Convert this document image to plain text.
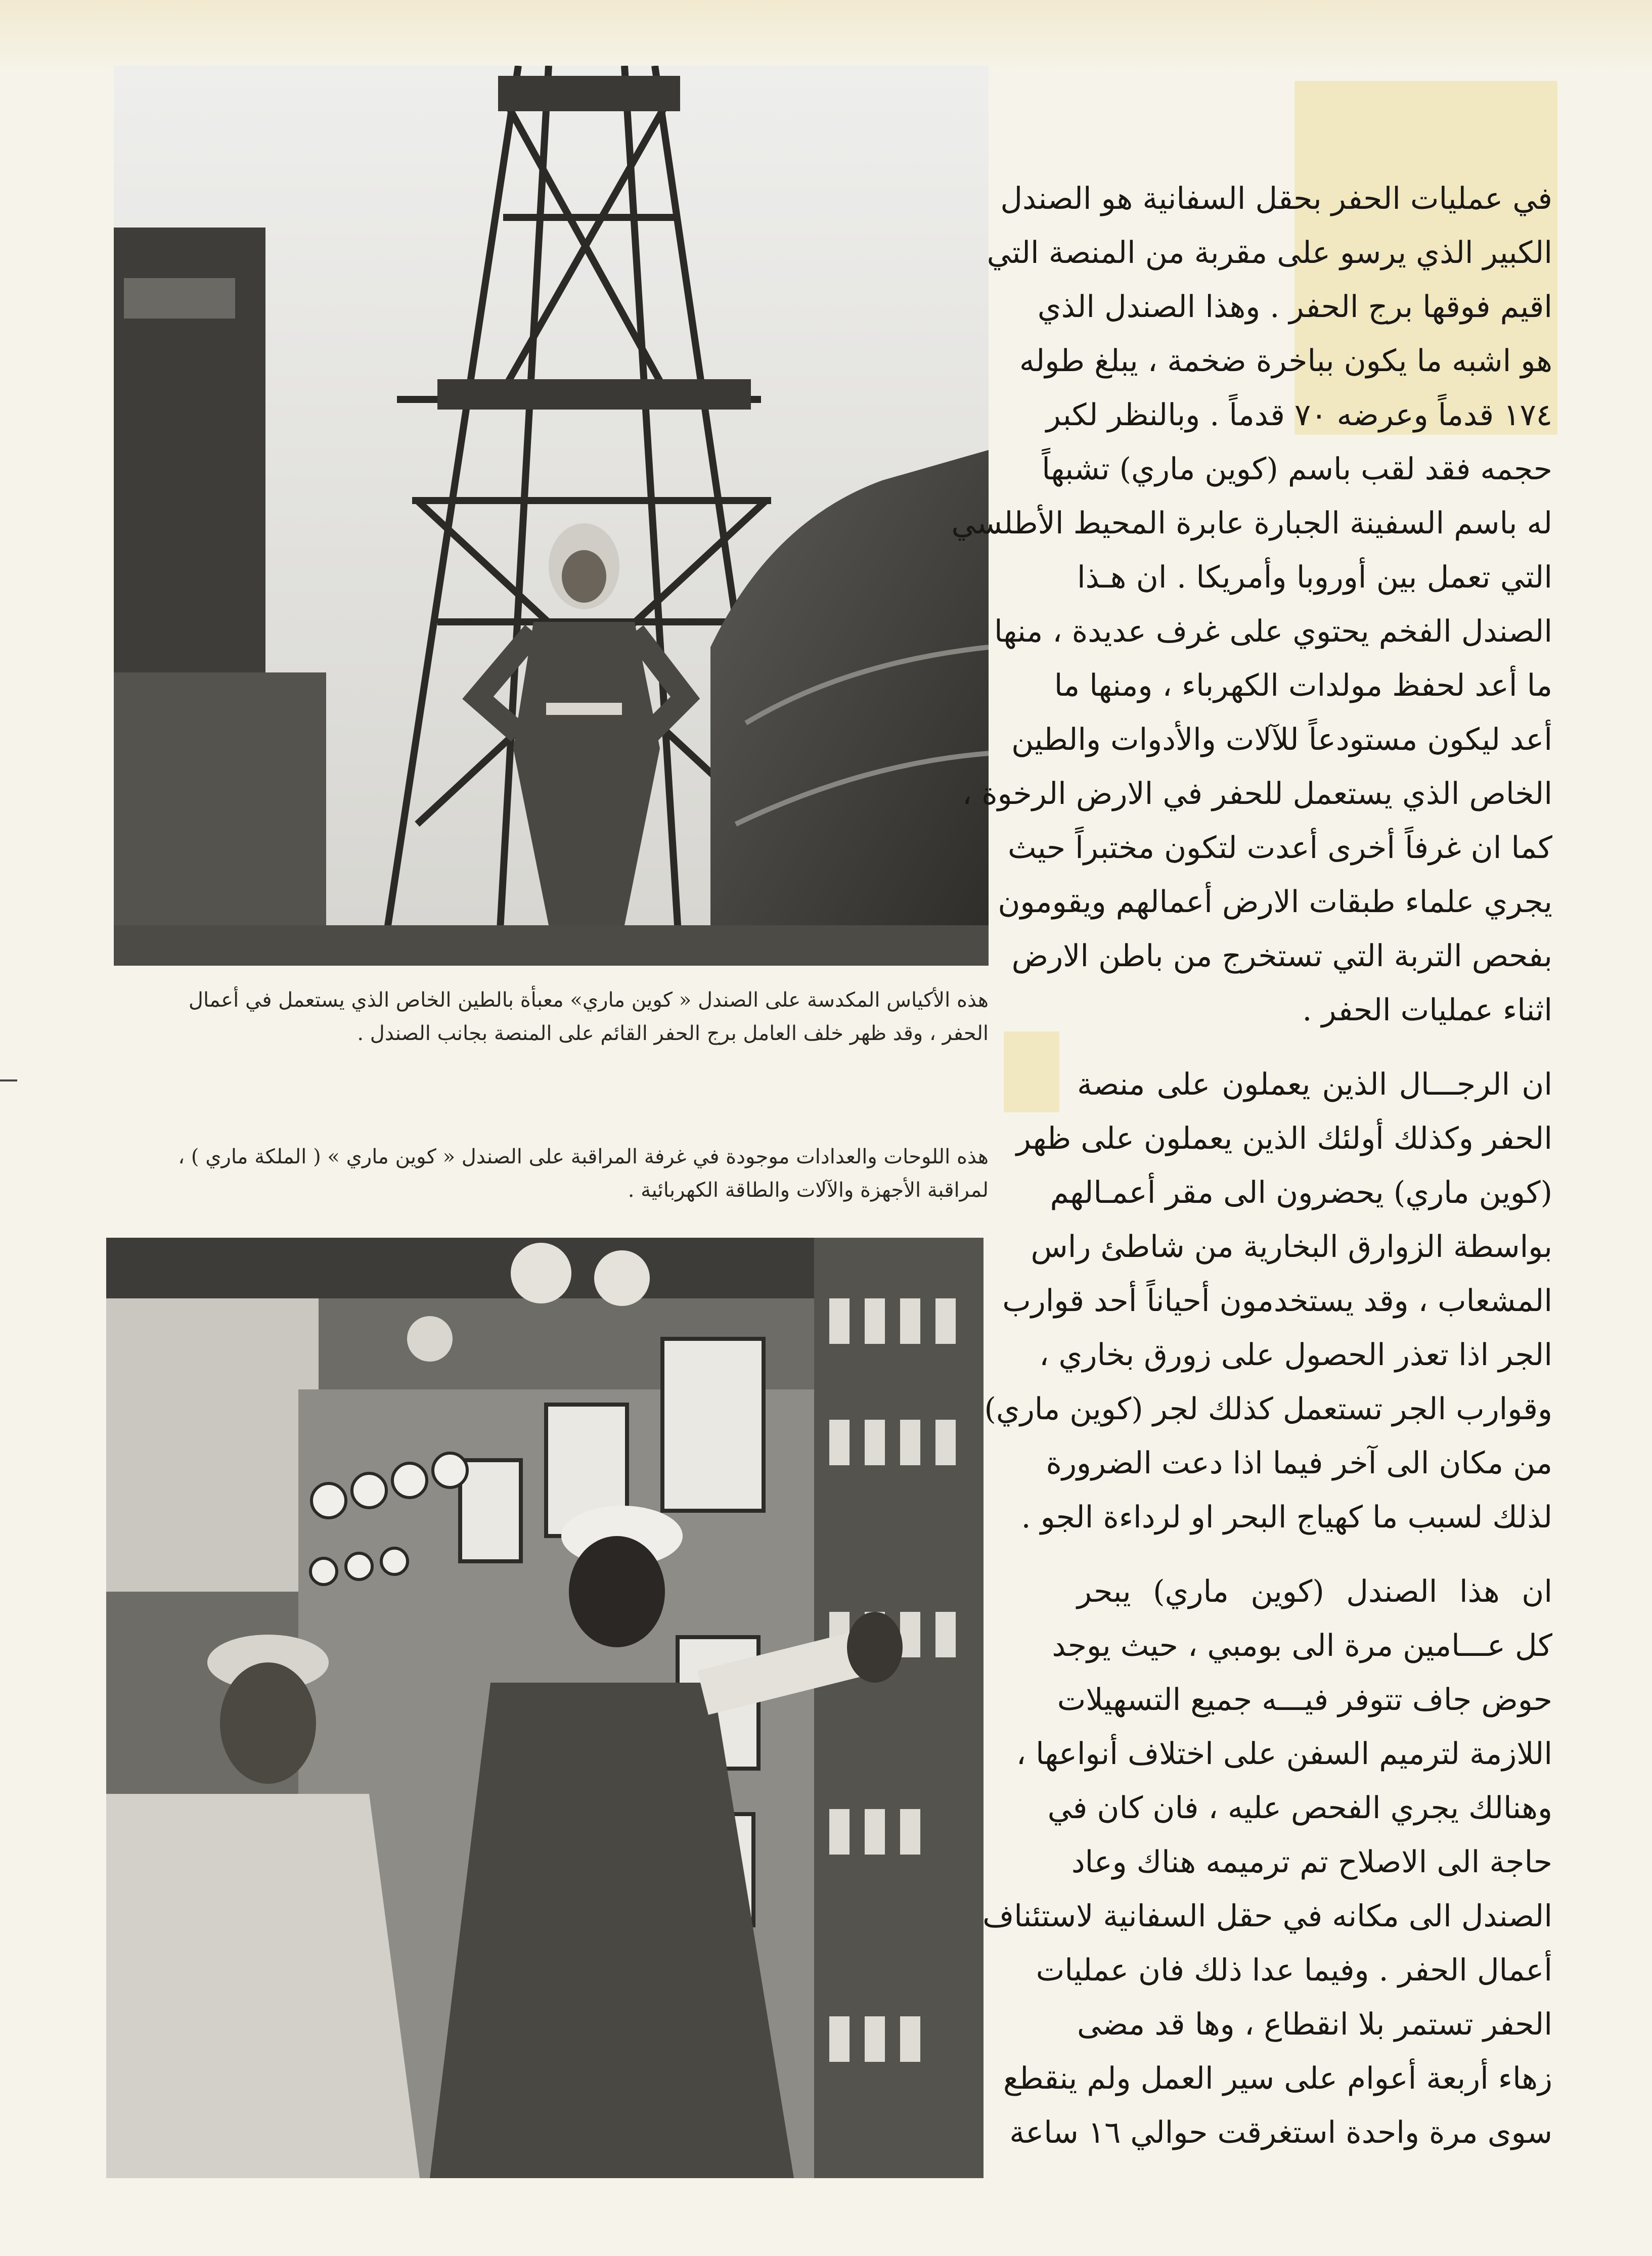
هذه الأكياس المكدسة على الصندل « كوين ماري» معبأة بالطين الخاص الذي يستعمل في أعمال
الحفر ، وقد ظهر خلف العامل برج الحفر القائم على المنصة بجانب الصندل .
هذه اللوحات والعدادات موجودة في غرفة المراقبة على الصندل « كوين ماري » ( الملكة ماري ) ،
لمراقبة الأجهزة والآلات والطاقة الكهربائية .
في عمليات الحفر بحقل السفانية هو الصندل
الكبير الذي يرسو على مقربة من المنصة التي
اقيم فوقها برج الحفر . وهذا الصندل الذي
هو اشبه ما يكون بباخرة ضخمة ، يبلغ طوله
١٧٤ قدماً وعرضه ٧٠ قدماً . وبالنظر لكبر
حجمه فقد لقب باسم (كوين ماري) تشبهاً
له باسم السفينة الجبارة عابرة المحيط الأطلسي
التي تعمل بين أوروبا وأمريكا . ان هـذا
الصندل الفخم يحتوي على غرف عديدة ، منها
ما أعد لحفظ مولدات الكهرباء ، ومنها ما
أعد ليكون مستودعاً للآلات والأدوات والطين
الخاص الذي يستعمل للحفر في الارض الرخوة ،
كما ان غرفاً أخرى أعدت لتكون مختبراً حيث
يجري علماء طبقات الارض أعمالهم ويقومون
بفحص التربة التي تستخرج من باطن الارض
اثناء عمليات الحفر .
ان الرجـــال الذين يعملون على منصة
الحفر وكذلك أولئك الذين يعملون على ظهر
(كوين ماري) يحضرون الى مقر أعمـالهم
بواسطة الزوارق البخارية من شاطئ راس
المشعاب ، وقد يستخدمون أحياناً أحد قوارب
الجر اذا تعذر الحصول على زورق بخاري ،
وقوارب الجر تستعمل كذلك لجر (كوين ماري)
من مكان الى آخر فيما اذا دعت الضرورة
لذلك لسبب ما كهياج البحر او لرداءة الجو .
ان هذا الصندل (كوين ماري) يبحر
كل عـــامين مرة الى بومبي ، حيث يوجد
حوض جاف تتوفر فيـــه جميع التسهيلات
اللازمة لترميم السفن على اختلاف أنواعها ،
وهنالك يجري الفحص عليه ، فان كان في
حاجة الى الاصلاح تم ترميمه هناك وعاد
الصندل الى مكانه في حقل السفانية لاستئناف
أعمال الحفر . وفيما عدا ذلك فان عمليات
الحفر تستمر بلا انقطاع ، وها قد مضى
زهاء أربعة أعوام على سير العمل ولم ينقطع
سوى مرة واحدة استغرقت حوالي ١٦ ساعة
